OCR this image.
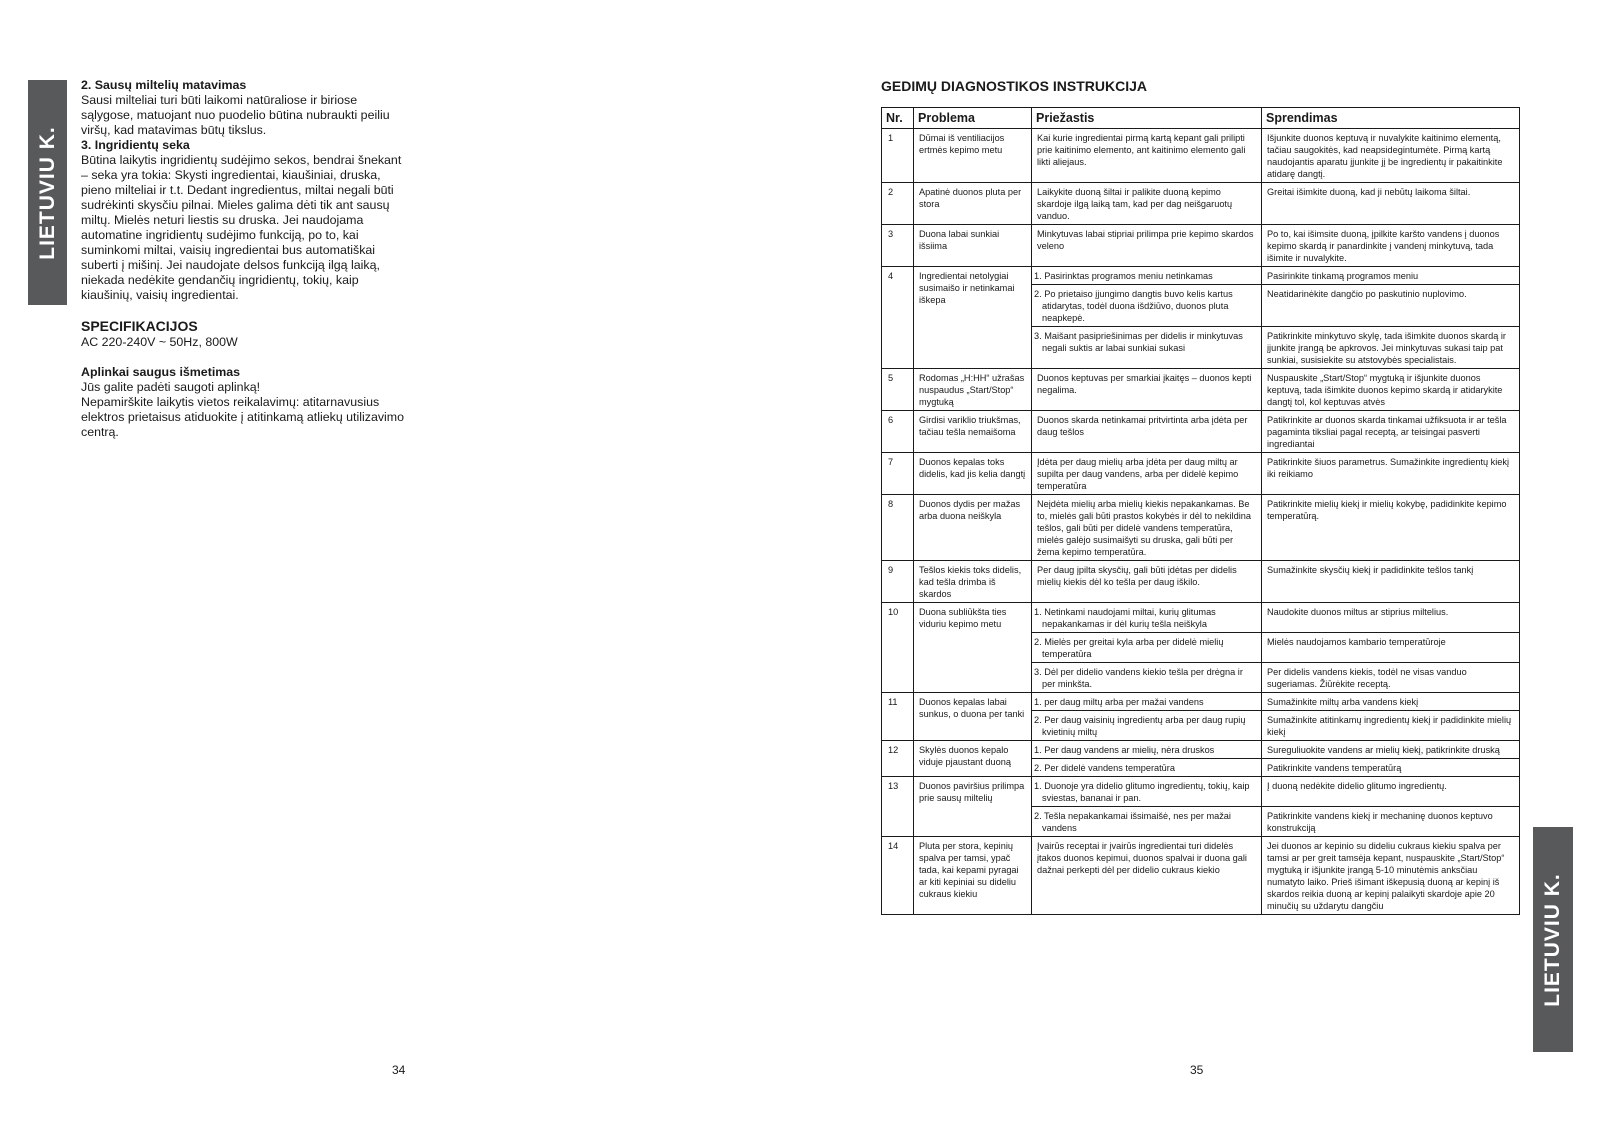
LIETUVIU K.

2. Sausų miltelių matavimas

Sausi milteliai turi būti laikomi natūraliose ir biriose sąlygose, matuojant nuo puodelio būtina nubraukti peiliu viršų, kad matavimas būtų tikslus.

3. Ingridientų seka

Būtina laikytis ingridientų sudėjimo sekos, bendrai šnekant – seka yra tokia: Skysti ingredientai, kiaušiniai, druska, pieno milteliai ir t.t. Dedant ingredientus, miltai negali būti sudrėkinti skysčiu pilnai. Mieles galima dėti tik ant sausų miltų. Mielės neturi liestis su druska. Jei naudojama automatine ingridientų sudėjimo funkciją, po to, kai suminkomi miltai, vaisių ingredientai bus automatiškai suberti į mišinį. Jei naudojate delsos funkciją ilgą laiką, niekada nedėkite gendančių ingridientų, tokių, kaip kiaušinių, vaisių ingredientai.

SPECIFIKACIJOS

AC 220-240V ~ 50Hz, 800W

Aplinkai saugus išmetimas

Jūs galite padėti saugoti aplinką!

Nepamirškite laikytis vietos reikalavimų: atitarnavusius elektros prietaisus atiduokite į atitinkamą atliekų utilizavimo centrą.

34
GEDIMŲ DIAGNOSTIKOS INSTRUKCIJA
Nr.	Problema	Priežastis	Sprendimas
1	Dūmai iš ventiliacijos ertmės kepimo metu	Kai kurie ingredientai pirmą kartą kepant gali prilipti prie kaitinimo elemento, ant kaitinimo elemento gali likti aliejaus.	Išjunkite duonos keptuvą ir nuvalykite kaitinimo elementą, tačiau saugokitės, kad neapsidegintumėte. Pirmą kartą naudojantis aparatu įjunkite jį be ingredientų ir pakaitinkite atidarę dangtį.
2	Apatinė duonos pluta per stora	Laikykite duoną šiltai ir palikite duoną kepimo skardoje ilgą laiką tam, kad per dag neišgaruotų vanduo.	Greitai išimkite duoną, kad ji nebūtų laikoma šiltai.
3	Duona labai sunkiai išsiima	Minkytuvas labai stipriai prilimpa prie kepimo skardos veleno	Po to, kai išimsite duoną, įpilkite karšto vandens į duonos kepimo skardą ir panardinkite į vandenį minkytuvą, tada išimite ir nuvalykite.
4	Ingredientai netolygiai susimaišo ir netinkamai iškepa	1. Pasirinktas programos meniu netinkamas	Pasirinkite tinkamą programos meniu
		2. Po prietaiso įjungimo dangtis buvo kelis kartus atidarytas, todėl duona išdžiūvo, duonos pluta neapkepė.	Neatidarinėkite dangčio po paskutinio nuplovimo.
		3. Maišant pasipriešinimas per didelis ir minkytuvas negali suktis ar labai sunkiai sukasi	Patikrinkite minkytuvo skylę, tada išimkite duonos skardą ir įjunkite įrangą be apkrovos. Jei minkytuvas sukasi taip pat sunkiai, susisiekite su atstovybės specialistais.
5	Rodomas „H:HH“ užrašas nuspaudus „Start/Stop“ mygtuką	Duonos keptuvas per smarkiai įkaitęs – duonos kepti negalima.	Nuspauskite „Start/Stop“ mygtuką ir išjunkite duonos keptuvą, tada išimkite duonos kepimo skardą ir atidarykite dangtį tol, kol keptuvas atvės
6	Girdisi variklio triukšmas, tačiau tešla nemaišoma	Duonos skarda netinkamai pritvirtinta arba įdėta per daug tešlos	Patikrinkite ar duonos skarda tinkamai užfiksuota ir ar tešla pagaminta tiksliai pagal receptą, ar teisingai pasverti ingrediantai
7	Duonos kepalas toks didelis, kad jis kelia dangtį	Įdėta per daug mielių arba įdėta per daug miltų ar supilta per daug vandens, arba per didelė kepimo temperatūra	Patikrinkite šiuos parametrus. Sumažinkite ingredientų kiekį iki reikiamo
8	Duonos dydis per mažas arba duona neiškyla	Neįdėta mielių arba mielių kiekis nepakankamas. Be to, mielės gali būti prastos kokybės ir dėl to nekildina tešlos, gali būti per didelė vandens temperatūra, mielės galėjo susimaišyti su druska, gali būti per žema kepimo temperatūra.	Patikrinkite mielių kiekį ir mielių kokybę, padidinkite kepimo temperatūrą.
9	Tešlos kiekis toks didelis, kad tešla drimba iš skardos	Per daug įpilta skysčių, gali būti įdėtas per didelis mielių kiekis dėl ko tešla per daug iškilo.	Sumažinkite skysčių kiekį ir padidinkite tešlos tankį
10	Duona subliūkšta ties viduriu kepimo metu	1. Netinkami naudojami miltai, kurių glitumas nepakankamas ir dėl kurių tešla neiškyla	Naudokite duonos miltus ar stiprius miltelius.
		2. Mielės per greitai kyla arba per didelė mielių temperatūra	Mielės naudojamos kambario temperatūroje
		3. Dėl per didelio vandens kiekio tešla per drėgna ir per minkšta.	Per didelis vandens kiekis, todėl ne visas vanduo sugeriamas. Žiūrėkite receptą.
11	Duonos kepalas labai sunkus, o duona per tanki	1. per daug miltų arba per mažai vandens	Sumažinkite miltų arba vandens kiekį
		2. Per daug vaisinių ingredientų arba per daug rupių kvietinių miltų	Sumažinkite atitinkamų ingredientų kiekį ir padidinkite mielių kiekį
12	Skylės duonos kepalo viduje pjaustant duoną	1. Per daug vandens ar mielių, nėra druskos	Sureguliuokite vandens ar mielių kiekį, patikrinkite druską
		2. Per didelė vandens temperatūra	Patikrinkite vandens temperatūrą
13	Duonos paviršius prilimpa prie sausų miltelių	1. Duonoje yra didelio glitumo ingredientų, tokių, kaip sviestas, bananai ir pan.	Į duoną nedėkite didelio glitumo ingredientų.
		2. Tešla nepakankamai išsimaišė, nes per mažai vandens	Patikrinkite vandens kiekį ir mechaninę duonos keptuvo konstrukciją
14	Pluta per stora, kepinių spalva per tamsi, ypač tada, kai kepami pyragai ar kiti kepiniai su dideliu cukraus kiekiu	Įvairūs receptai ir įvairūs ingredientai turi didelės įtakos duonos kepimui, duonos spalvai ir duona gali dažnai perkepti dėl per didelio cukraus kiekio	Jei duonos ar kepinio su dideliu cukraus kiekiu spalva per tamsi ar per greit tamsėja kepant, nuspauskite „Start/Stop“ mygtuką ir išjunkite įrangą 5-10 minutėmis anksčiau numatyto laiko. Prieš išimant iškepusią duoną ar kepinį iš skardos reikia duoną ar kepinį palaikyti skardoje apie 20 minučių su uždarytu dangčiu
35
LIETUVIU K.
